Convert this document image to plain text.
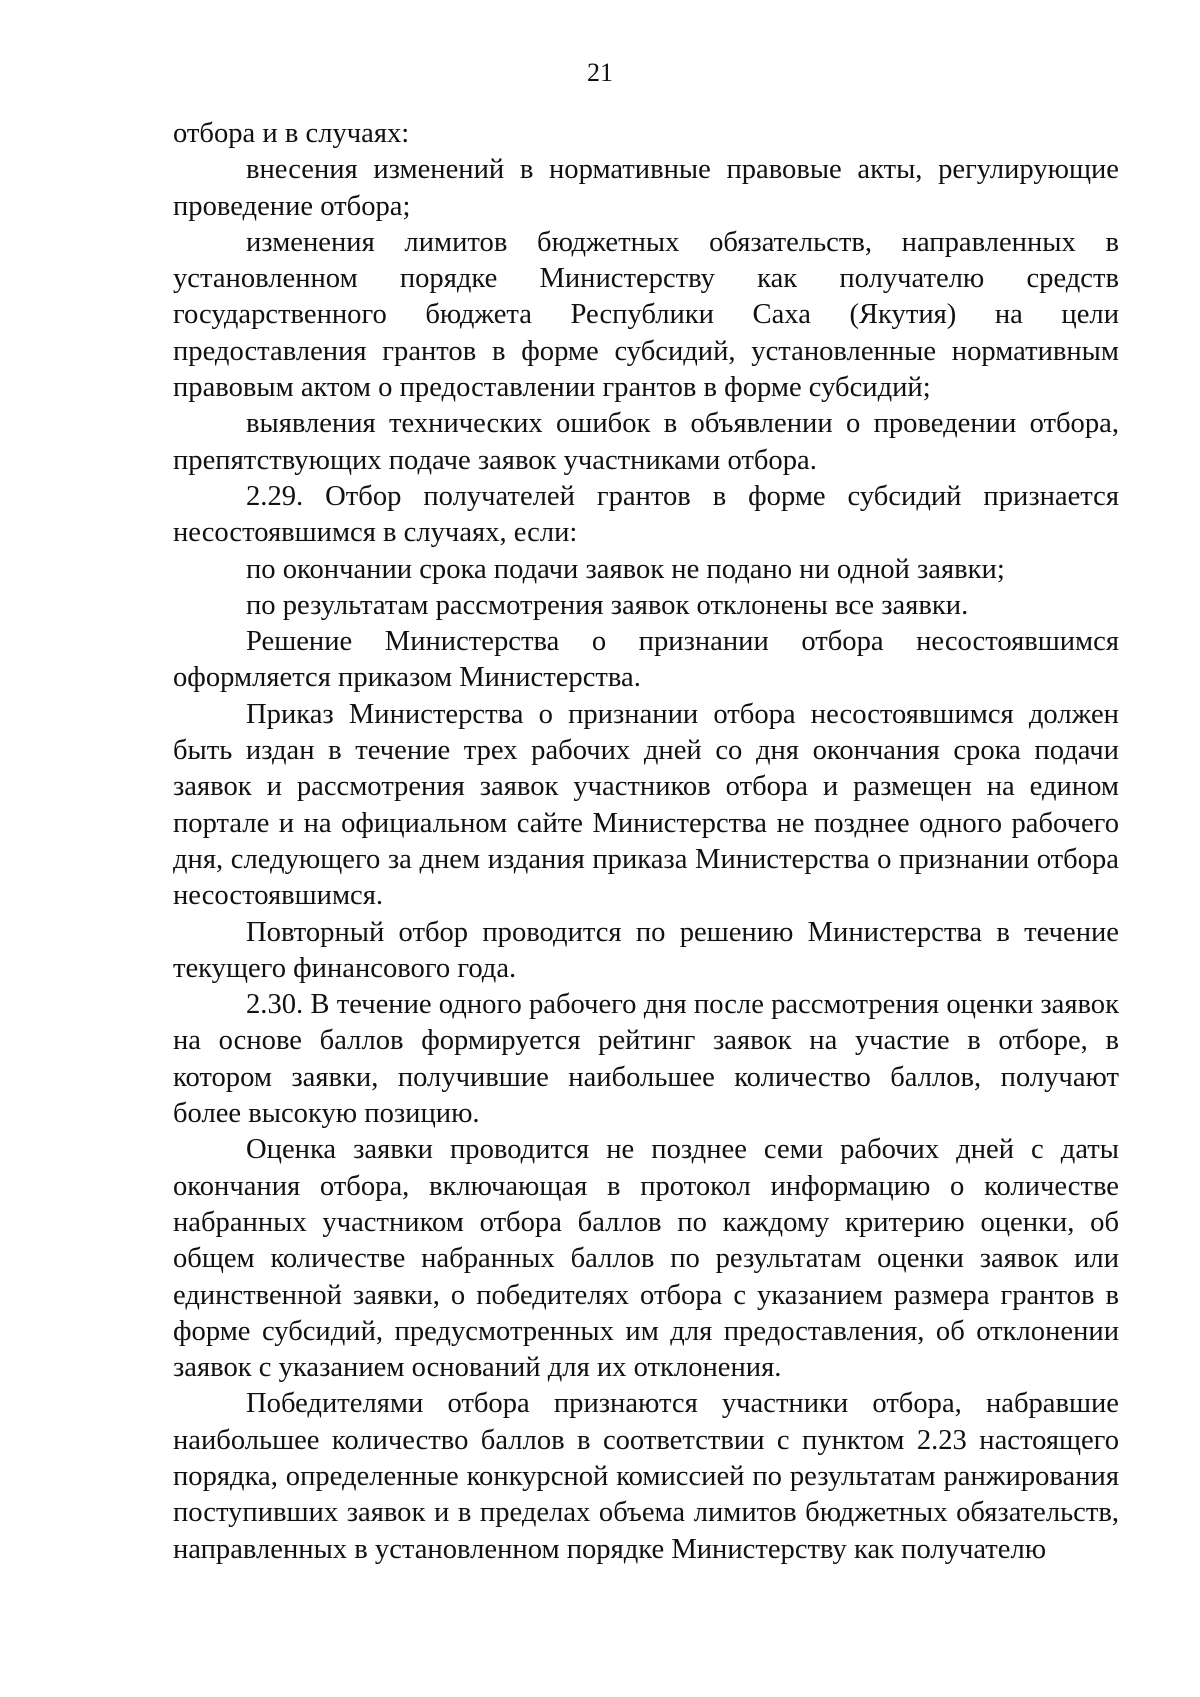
21

отбора и в случаях:

внесения изменений в нормативные правовые акты, регулирующие проведение отбора;

изменения лимитов бюджетных обязательств, направленных в установленном порядке Министерству как получателю средств государственного бюджета Республики Саха (Якутия) на цели предоставления грантов в форме субсидий, установленные нормативным правовым актом о предоставлении грантов в форме субсидий;

выявления технических ошибок в объявлении о проведении отбора, препятствующих подаче заявок участниками отбора.

2.29. Отбор получателей грантов в форме субсидий признается несостоявшимся в случаях, если:

по окончании срока подачи заявок не подано ни одной заявки;

по результатам рассмотрения заявок отклонены все заявки.

Решение Министерства о признании отбора несостоявшимся оформляется приказом Министерства.

Приказ Министерства о признании отбора несостоявшимся должен быть издан в течение трех рабочих дней со дня окончания срока подачи заявок и рассмотрения заявок участников отбора и размещен на едином портале и на официальном сайте Министерства не позднее одного рабочего дня, следующего за днем издания приказа Министерства о признании отбора несостоявшимся.

Повторный отбор проводится по решению Министерства в течение текущего финансового года.

2.30. В течение одного рабочего дня после рассмотрения оценки заявок на основе баллов формируется рейтинг заявок на участие в отборе, в котором заявки, получившие наибольшее количество баллов, получают более высокую позицию.

Оценка заявки проводится не позднее семи рабочих дней с даты окончания отбора, включающая в протокол информацию о количестве набранных участником отбора баллов по каждому критерию оценки, об общем количестве набранных баллов по результатам оценки заявок или единственной заявки, о победителях отбора с указанием размера грантов в форме субсидий, предусмотренных им для предоставления, об отклонении заявок с указанием оснований для их отклонения.

Победителями отбора признаются участники отбора, набравшие наибольшее количество баллов в соответствии с пунктом 2.23 настоящего порядка, определенные конкурсной комиссией по результатам ранжирования поступивших заявок и в пределах объема лимитов бюджетных обязательств, направленных в установленном порядке Министерству как получателю
